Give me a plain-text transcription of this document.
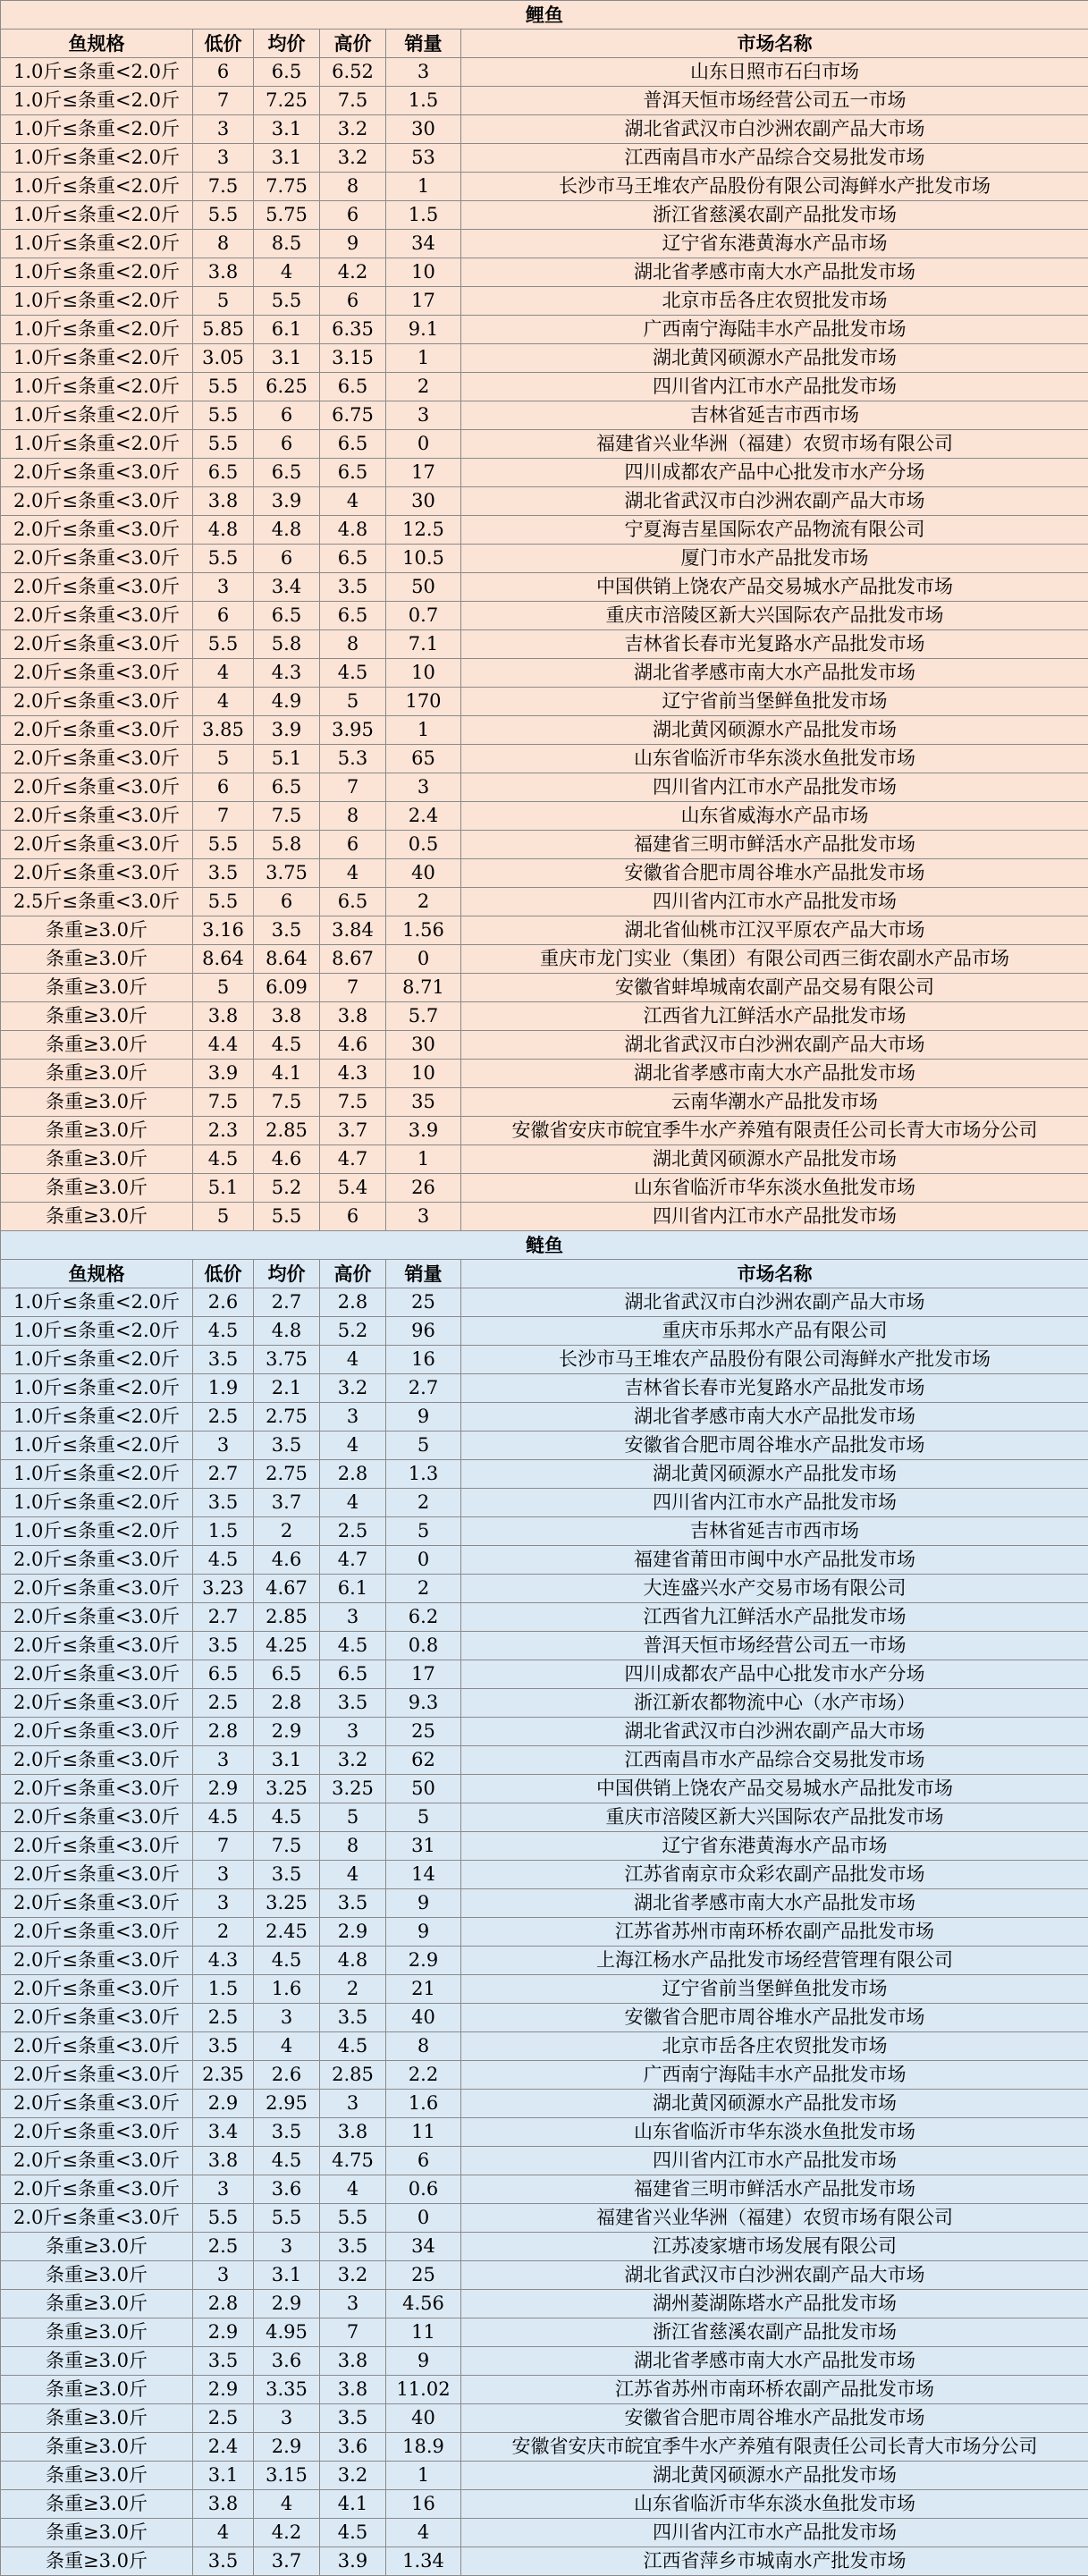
鲤鱼					
鱼规格	低价	均价	高价	销量	市场名称
1.0斤≤条重<2.0斤	6	6.5	6.52	3	山东日照市石臼市场
1.0斤≤条重<2.0斤	7	7.25	7.5	1.5	普洱天恒市场经营公司五一市场
1.0斤≤条重<2.0斤	3	3.1	3.2	30	湖北省武汉市白沙洲农副产品大市场
1.0斤≤条重<2.0斤	3	3.1	3.2	53	江西南昌市水产品综合交易批发市场
1.0斤≤条重<2.0斤	7.5	7.75	8	1	长沙市马王堆农产品股份有限公司海鲜水产批发市场
1.0斤≤条重<2.0斤	5.5	5.75	6	1.5	浙江省慈溪农副产品批发市场
1.0斤≤条重<2.0斤	8	8.5	9	34	辽宁省东港黄海水产品市场
1.0斤≤条重<2.0斤	3.8	4	4.2	10	湖北省孝感市南大水产品批发市场
1.0斤≤条重<2.0斤	5	5.5	6	17	北京市岳各庄农贸批发市场
1.0斤≤条重<2.0斤	5.85	6.1	6.35	9.1	广西南宁海陆丰水产品批发市场
1.0斤≤条重<2.0斤	3.05	3.1	3.15	1	湖北黄冈硕源水产品批发市场
1.0斤≤条重<2.0斤	5.5	6.25	6.5	2	四川省内江市水产品批发市场
1.0斤≤条重<2.0斤	5.5	6	6.75	3	吉林省延吉市西市场
1.0斤≤条重<2.0斤	5.5	6	6.5	0	福建省兴业华洲（福建）农贸市场有限公司
2.0斤≤条重<3.0斤	6.5	6.5	6.5	17	四川成都农产品中心批发市水产分场
2.0斤≤条重<3.0斤	3.8	3.9	4	30	湖北省武汉市白沙洲农副产品大市场
2.0斤≤条重<3.0斤	4.8	4.8	4.8	12.5	宁夏海吉星国际农产品物流有限公司
2.0斤≤条重<3.0斤	5.5	6	6.5	10.5	厦门市水产品批发市场
2.0斤≤条重<3.0斤	3	3.4	3.5	50	中国供销上饶农产品交易城水产品批发市场
2.0斤≤条重<3.0斤	6	6.5	6.5	0.7	重庆市涪陵区新大兴国际农产品批发市场
2.0斤≤条重<3.0斤	5.5	5.8	8	7.1	吉林省长春市光复路水产品批发市场
2.0斤≤条重<3.0斤	4	4.3	4.5	10	湖北省孝感市南大水产品批发市场
2.0斤≤条重<3.0斤	4	4.9	5	170	辽宁省前当堡鲜鱼批发市场
2.0斤≤条重<3.0斤	3.85	3.9	3.95	1	湖北黄冈硕源水产品批发市场
2.0斤≤条重<3.0斤	5	5.1	5.3	65	山东省临沂市华东淡水鱼批发市场
2.0斤≤条重<3.0斤	6	6.5	7	3	四川省内江市水产品批发市场
2.0斤≤条重<3.0斤	7	7.5	8	2.4	山东省威海水产品市场
2.0斤≤条重<3.0斤	5.5	5.8	6	0.5	福建省三明市鲜活水产品批发市场
2.0斤≤条重<3.0斤	3.5	3.75	4	40	安徽省合肥市周谷堆水产品批发市场
2.5斤≤条重<3.0斤	5.5	6	6.5	2	四川省内江市水产品批发市场
条重≥3.0斤	3.16	3.5	3.84	1.56	湖北省仙桃市江汉平原农产品大市场
条重≥3.0斤	8.64	8.64	8.67	0	重庆市龙门实业（集团）有限公司西三街农副水产品市场
条重≥3.0斤	5	6.09	7	8.71	安徽省蚌埠城南农副产品交易有限公司
条重≥3.0斤	3.8	3.8	3.8	5.7	江西省九江鲜活水产品批发市场
条重≥3.0斤	4.4	4.5	4.6	30	湖北省武汉市白沙洲农副产品大市场
条重≥3.0斤	3.9	4.1	4.3	10	湖北省孝感市南大水产品批发市场
条重≥3.0斤	7.5	7.5	7.5	35	云南华潮水产品批发市场
条重≥3.0斤	2.3	2.85	3.7	3.9	安徽省安庆市皖宜季牛水产养殖有限责任公司长青大市场分公司
条重≥3.0斤	4.5	4.6	4.7	1	湖北黄冈硕源水产品批发市场
条重≥3.0斤	5.1	5.2	5.4	26	山东省临沂市华东淡水鱼批发市场
条重≥3.0斤	5	5.5	6	3	四川省内江市水产品批发市场
鲢鱼					
鱼规格	低价	均价	高价	销量	市场名称
1.0斤≤条重<2.0斤	2.6	2.7	2.8	25	湖北省武汉市白沙洲农副产品大市场
1.0斤≤条重<2.0斤	4.5	4.8	5.2	96	重庆市乐邦水产品有限公司
1.0斤≤条重<2.0斤	3.5	3.75	4	16	长沙市马王堆农产品股份有限公司海鲜水产批发市场
1.0斤≤条重<2.0斤	1.9	2.1	3.2	2.7	吉林省长春市光复路水产品批发市场
1.0斤≤条重<2.0斤	2.5	2.75	3	9	湖北省孝感市南大水产品批发市场
1.0斤≤条重<2.0斤	3	3.5	4	5	安徽省合肥市周谷堆水产品批发市场
1.0斤≤条重<2.0斤	2.7	2.75	2.8	1.3	湖北黄冈硕源水产品批发市场
1.0斤≤条重<2.0斤	3.5	3.7	4	2	四川省内江市水产品批发市场
1.0斤≤条重<2.0斤	1.5	2	2.5	5	吉林省延吉市西市场
2.0斤≤条重<3.0斤	4.5	4.6	4.7	0	福建省莆田市闽中水产品批发市场
2.0斤≤条重<3.0斤	3.23	4.67	6.1	2	大连盛兴水产交易市场有限公司
2.0斤≤条重<3.0斤	2.7	2.85	3	6.2	江西省九江鲜活水产品批发市场
2.0斤≤条重<3.0斤	3.5	4.25	4.5	0.8	普洱天恒市场经营公司五一市场
2.0斤≤条重<3.0斤	6.5	6.5	6.5	17	四川成都农产品中心批发市水产分场
2.0斤≤条重<3.0斤	2.5	2.8	3.5	9.3	浙江新农都物流中心（水产市场）
2.0斤≤条重<3.0斤	2.8	2.9	3	25	湖北省武汉市白沙洲农副产品大市场
2.0斤≤条重<3.0斤	3	3.1	3.2	62	江西南昌市水产品综合交易批发市场
2.0斤≤条重<3.0斤	2.9	3.25	3.25	50	中国供销上饶农产品交易城水产品批发市场
2.0斤≤条重<3.0斤	4.5	4.5	5	5	重庆市涪陵区新大兴国际农产品批发市场
2.0斤≤条重<3.0斤	7	7.5	8	31	辽宁省东港黄海水产品市场
2.0斤≤条重<3.0斤	3	3.5	4	14	江苏省南京市众彩农副产品批发市场
2.0斤≤条重<3.0斤	3	3.25	3.5	9	湖北省孝感市南大水产品批发市场
2.0斤≤条重<3.0斤	2	2.45	2.9	9	江苏省苏州市南环桥农副产品批发市场
2.0斤≤条重<3.0斤	4.3	4.5	4.8	2.9	上海江杨水产品批发市场经营管理有限公司
2.0斤≤条重<3.0斤	1.5	1.6	2	21	辽宁省前当堡鲜鱼批发市场
2.0斤≤条重<3.0斤	2.5	3	3.5	40	安徽省合肥市周谷堆水产品批发市场
2.0斤≤条重<3.0斤	3.5	4	4.5	8	北京市岳各庄农贸批发市场
2.0斤≤条重<3.0斤	2.35	2.6	2.85	2.2	广西南宁海陆丰水产品批发市场
2.0斤≤条重<3.0斤	2.9	2.95	3	1.6	湖北黄冈硕源水产品批发市场
2.0斤≤条重<3.0斤	3.4	3.5	3.8	11	山东省临沂市华东淡水鱼批发市场
2.0斤≤条重<3.0斤	3.8	4.5	4.75	6	四川省内江市水产品批发市场
2.0斤≤条重<3.0斤	3	3.6	4	0.6	福建省三明市鲜活水产品批发市场
2.0斤≤条重<3.0斤	5.5	5.5	5.5	0	福建省兴业华洲（福建）农贸市场有限公司
条重≥3.0斤	2.5	3	3.5	34	江苏凌家塘市场发展有限公司
条重≥3.0斤	3	3.1	3.2	25	湖北省武汉市白沙洲农副产品大市场
条重≥3.0斤	2.8	2.9	3	4.56	湖州菱湖陈塔水产品批发市场
条重≥3.0斤	2.9	4.95	7	11	浙江省慈溪农副产品批发市场
条重≥3.0斤	3.5	3.6	3.8	9	湖北省孝感市南大水产品批发市场
条重≥3.0斤	2.9	3.35	3.8	11.02	江苏省苏州市南环桥农副产品批发市场
条重≥3.0斤	2.5	3	3.5	40	安徽省合肥市周谷堆水产品批发市场
条重≥3.0斤	2.4	2.9	3.6	18.9	安徽省安庆市皖宜季牛水产养殖有限责任公司长青大市场分公司
条重≥3.0斤	3.1	3.15	3.2	1	湖北黄冈硕源水产品批发市场
条重≥3.0斤	3.8	4	4.1	16	山东省临沂市华东淡水鱼批发市场
条重≥3.0斤	4	4.2	4.5	4	四川省内江市水产品批发市场
条重≥3.0斤	3.5	3.7	3.9	1.34	江西省萍乡市城南水产批发市场
